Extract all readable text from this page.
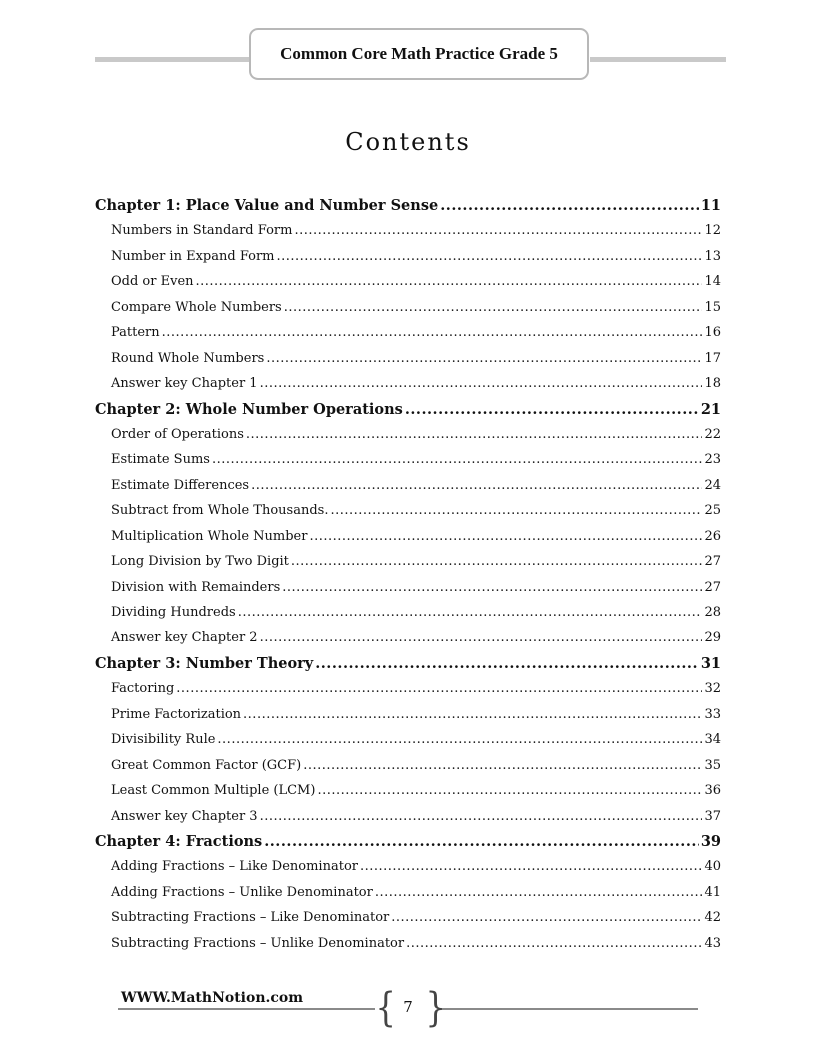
Common Core Math Practice Grade 5
Contents
Chapter 1: Place Value and Number Sense .....	11
Numbers in Standard Form .....	12
Number in Expand Form .....	13
Odd or Even .....	14
Compare Whole Numbers .....	15
Pattern .....	16
Round Whole Numbers .....	17
Answer key Chapter 1 .....	18
Chapter 2: Whole Number Operations .....	21
Order of Operations .....	22
Estimate Sums .....	23
Estimate Differences .....	24
Subtract from Whole Thousands. .....	25
Multiplication Whole Number .....	26
Long Division by Two Digit .....	27
Division with Remainders .....	27
Dividing Hundreds .....	28
Answer key Chapter 2 .....	29
Chapter 3: Number Theory .....	31
Factoring .....	32
Prime Factorization .....	33
Divisibility Rule .....	34
Great Common Factor (GCF) .....	35
Least Common Multiple (LCM) .....	36
Answer key Chapter 3 .....	37
Chapter 4: Fractions .....	39
Adding Fractions – Like Denominator .....	40
Adding Fractions – Unlike Denominator .....	41
Subtracting Fractions – Like Denominator .....	42
Subtracting Fractions – Unlike Denominator .....	43
WWW.MathNotion.com { }
7
